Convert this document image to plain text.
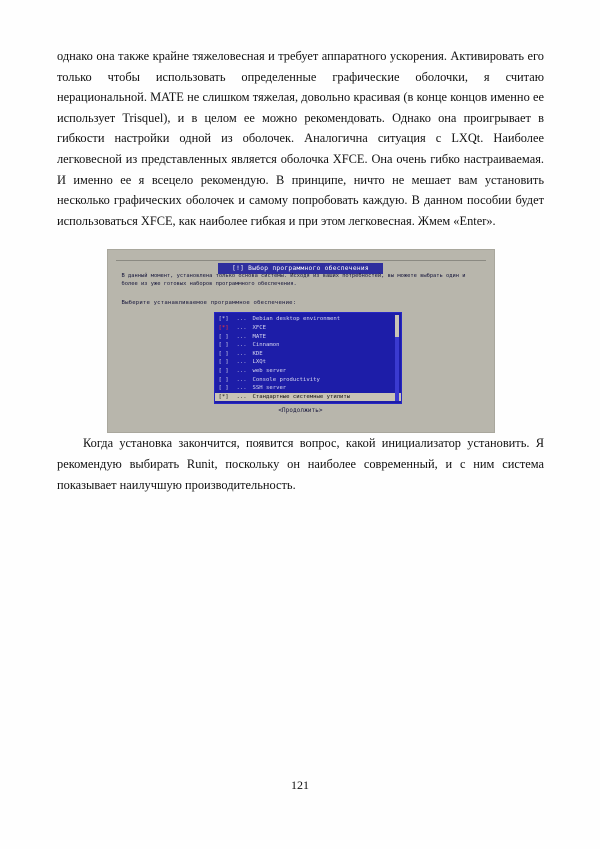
однако она также крайне тяжеловесная и требует аппаратного ускорения. Активировать его только чтобы использовать определенные графические оболочки, я считаю нерациональной. MATE не слишком тяжелая, довольно красивая (в конце концов именно ее использует Trisquel), и в целом ее можно рекомендовать. Однако она проигрывает в гибкости настройки одной из оболочек. Аналогична ситуация с LXQt. Наиболее легковесной из представленных является оболочка XFCE. Она очень гибко настраиваемая. И именно ее я всецело рекомендую. В принципе, ничто не мешает вам установить несколько графических оболочек и самому попробовать каждую. В данном пособии будет использоваться XFCE, как наиболее гибкая и при этом легковесная. Жмем «Enter».

[!] Выбор программного обеспечения
В данный момент, установлена только основа системы. Исходя из ваших потребностей, вы можете выбрать один и более из уже готовых наборов программного обеспечения.
Выберите устанавливаемое программное обеспечение:
[*]	...	Debian desktop environment
[*]	...	XFCE
[ ]	...	MATE
[ ]	...	Cinnamon
[ ]	...	KDE
[ ]	...	LXQt
[ ]	...	web server
[ ]	...	Console productivity
[ ]	...	SSH server
[*]	...	Стандартные системные утилиты
<Продолжить>

Когда установка закончится, появится вопрос, какой инициализатор установить. Я рекомендую выбирать Runit, поскольку он наиболее современный, и с ним система показывает наилучшую производительность.

121
